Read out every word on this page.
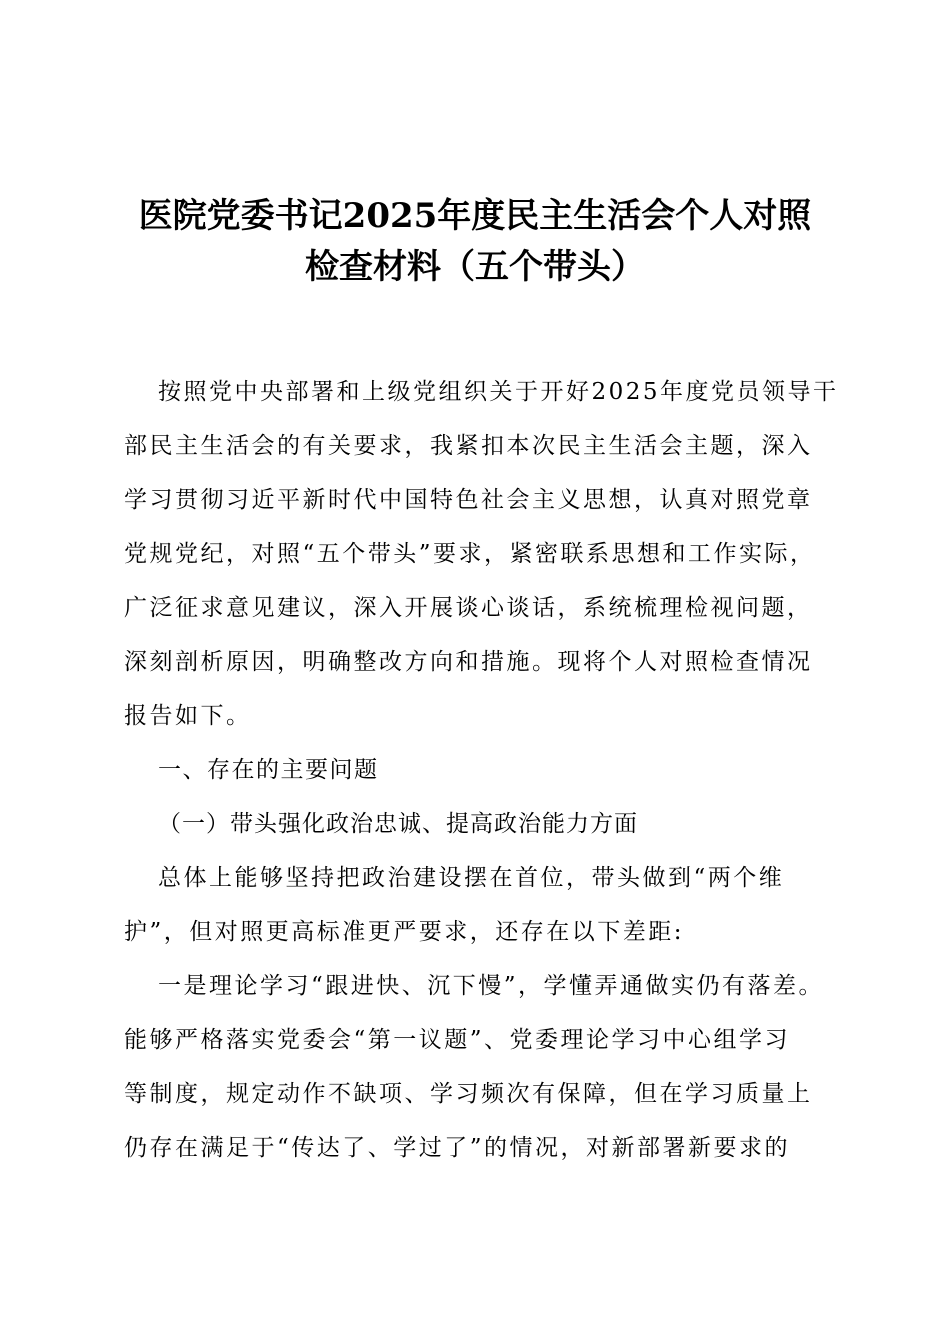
医院党委书记2025年度民主生活会个人对照
检查材料（五个带头）
按照党中央部署和上级党组织关于开好2025年度党员领导干
部民主生活会的有关要求，我紧扣本次民主生活会主题，深入
学习贯彻习近平新时代中国特色社会主义思想，认真对照党章
党规党纪，对照“五个带头”要求，紧密联系思想和工作实际，
广泛征求意见建议，深入开展谈心谈话，系统梳理检视问题，
深刻剖析原因，明确整改方向和措施。现将个人对照检查情况
报告如下。
一、存在的主要问题
（一）带头强化政治忠诚、提高政治能力方面
总体上能够坚持把政治建设摆在首位，带头做到“两个维
护”，但对照更高标准更严要求，还存在以下差距:
一是理论学习“跟进快、沉下慢”，学懂弄通做实仍有落差。
能够严格落实党委会“第一议题”、党委理论学习中心组学习
等制度，规定动作不缺项、学习频次有保障，但在学习质量上
仍存在满足于“传达了、学过了”的情况，对新部署新要求的
